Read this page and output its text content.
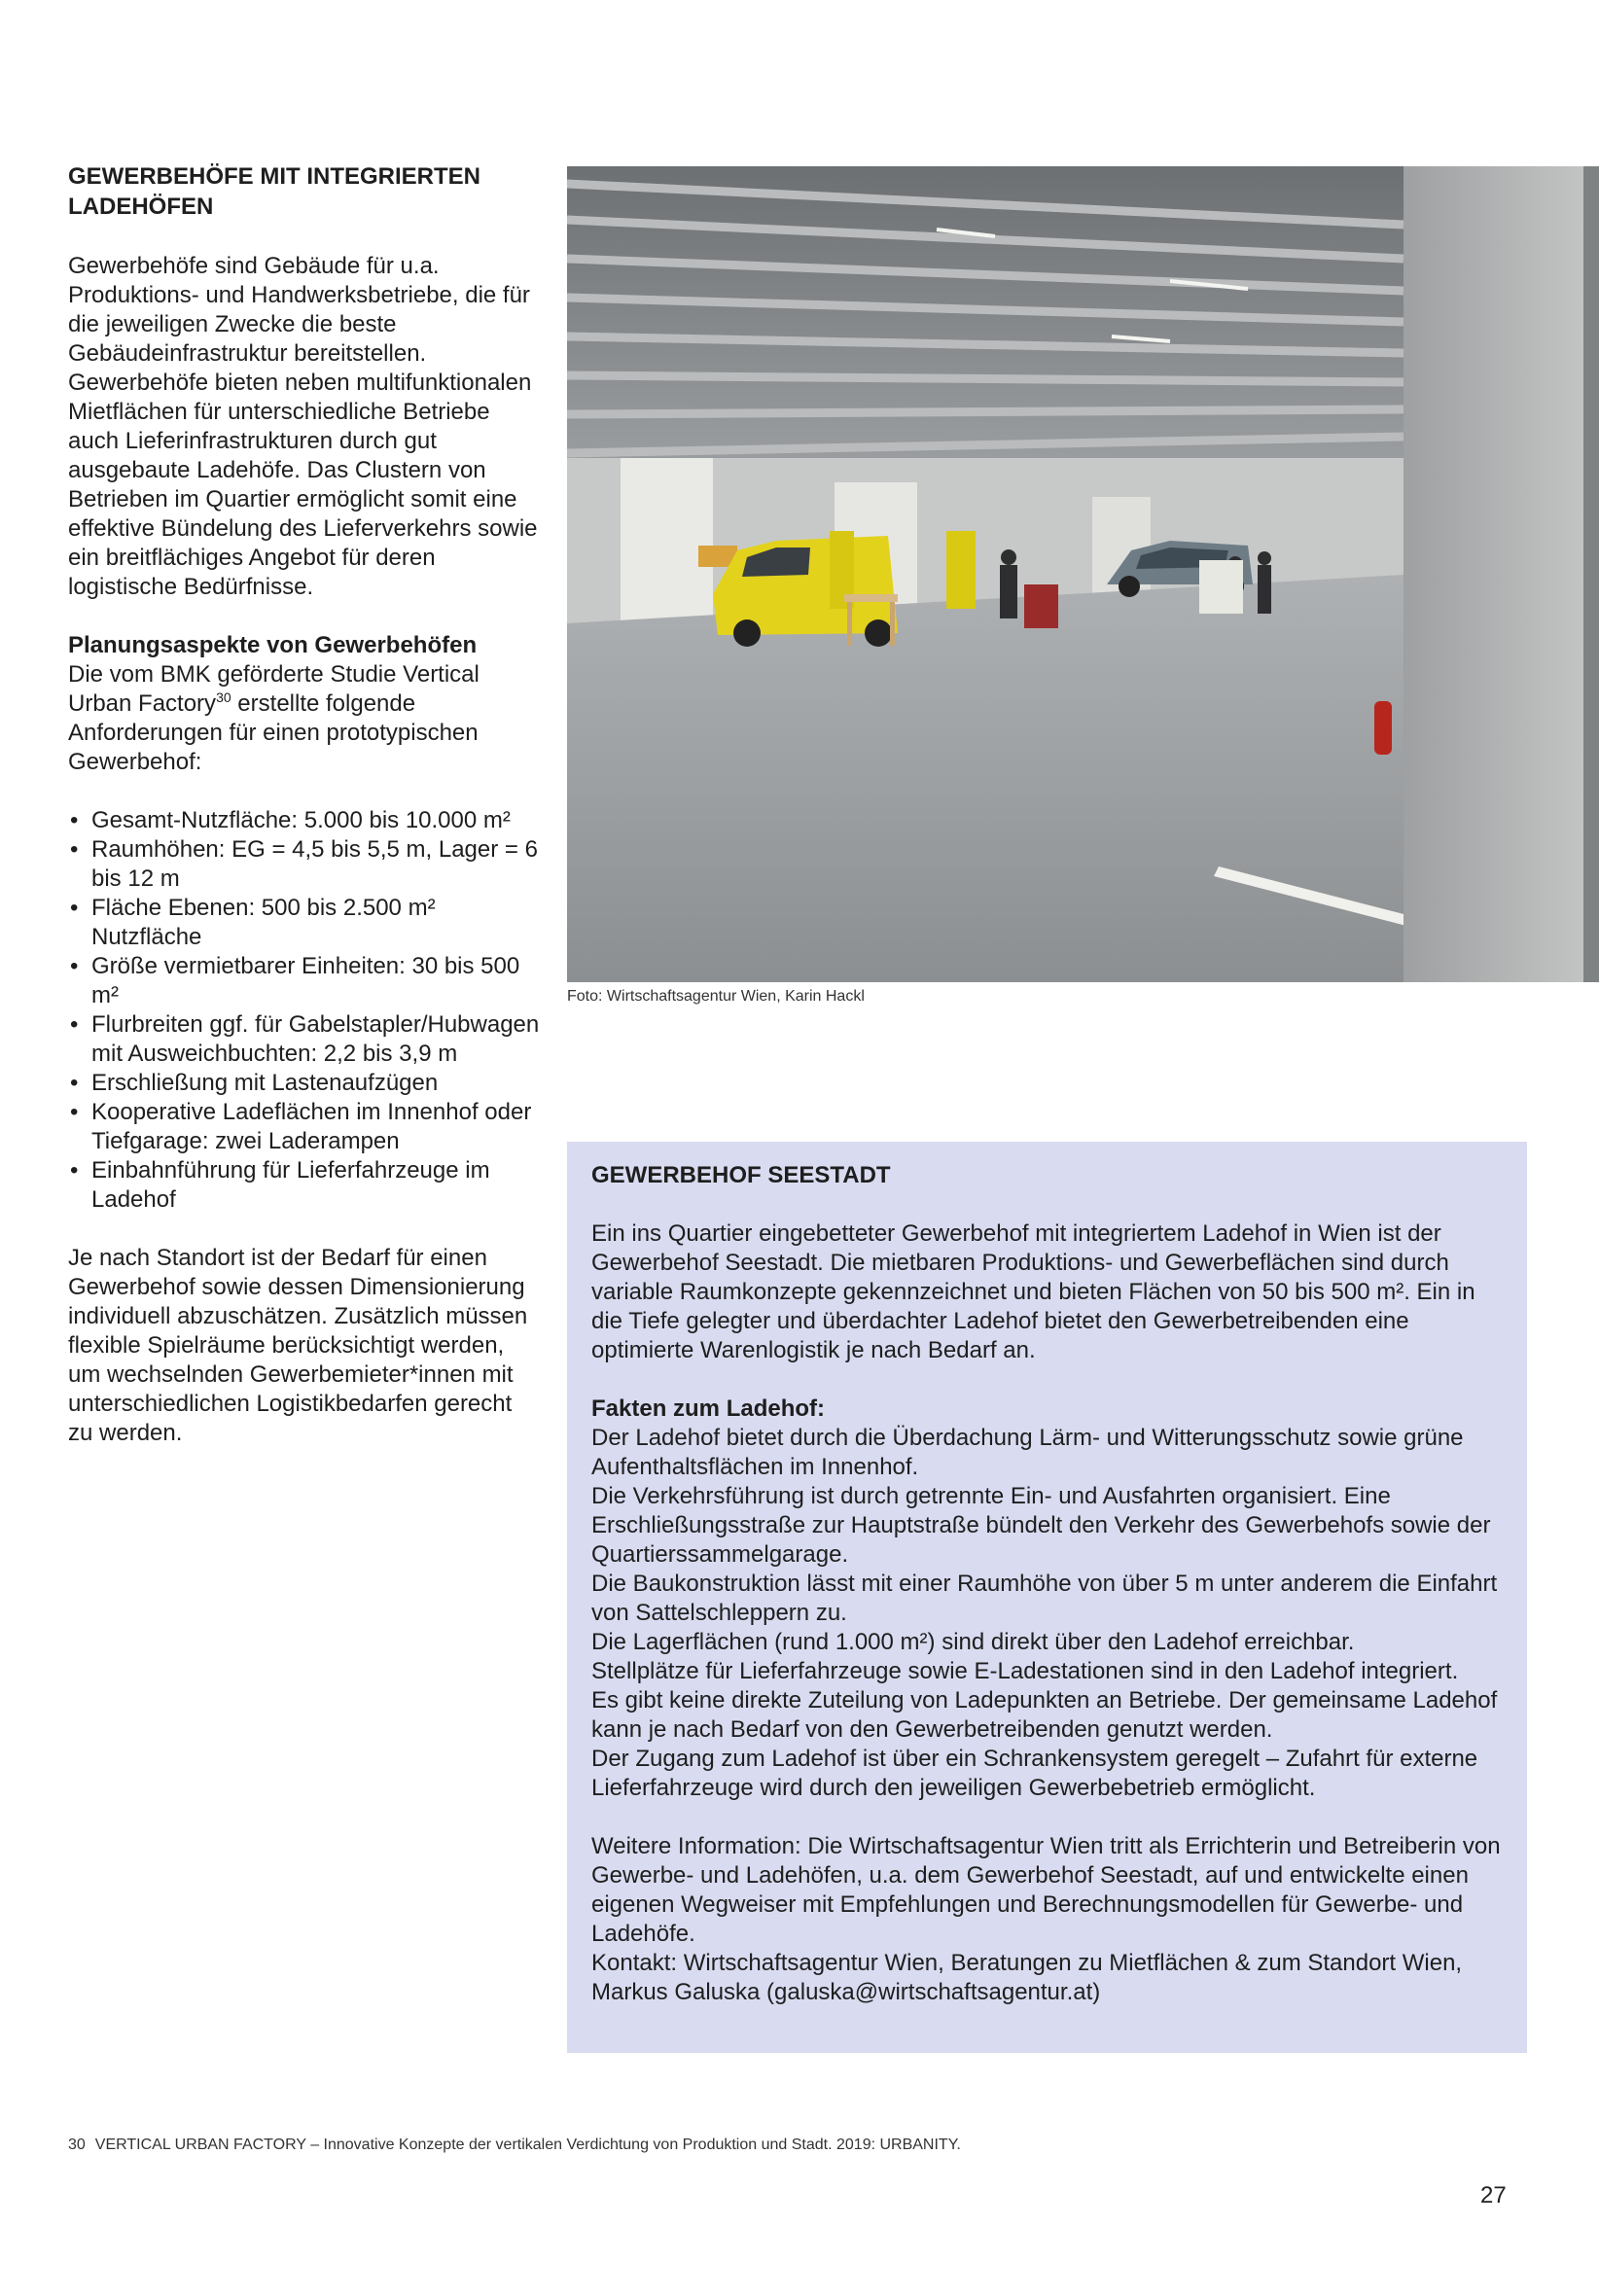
GEWERBEHÖFE MIT INTEGRIERTEN LADEHÖFEN

Gewerbehöfe sind Gebäude für u.a. Produktions- und Handwerksbetriebe, die für die jeweiligen Zwecke die beste Gebäudeinfrastruktur bereitstellen. Gewerbehöfe bieten neben multifunktionalen Mietflächen für unterschiedliche Betriebe auch Lieferinfrastrukturen durch gut ausgebaute Ladehöfe. Das Clustern von Betrieben im Quartier ermöglicht somit eine effektive Bündelung des Lieferverkehrs sowie ein breitflächiges Angebot für deren logistische Bedürfnisse.

Planungsaspekte von Gewerbehöfen

Die vom BMK geförderte Studie Vertical Urban Factory$^{30}$ erstellte folgende Anforderungen für einen prototypischen Gewerbehof:

• Gesamt-Nutzfläche: 5.000 bis 10.000 m²
• Raumhöhen: EG = 4,5 bis 5,5 m, Lager = 6 bis 12 m
• Fläche Ebenen: 500 bis 2.500 m² Nutzfläche
• Größe vermietbarer Einheiten: 30 bis 500 m²
• Flurbreiten ggf. für Gabelstapler/Hubwagen mit Ausweichbuchten: 2,2 bis 3,9 m
• Erschließung mit Lastenaufzügen
• Kooperative Ladeflächen im Innenhof oder Tiefgarage: zwei Laderampen
• Einbahnführung für Lieferfahrzeuge im Ladehof

Je nach Standort ist der Bedarf für einen Gewerbehof sowie dessen Dimensionierung individuell abzuschätzen. Zusätzlich müssen flexible Spielräume berücksichtigt werden, um wechselnden Gewerbemieter*innen mit unterschiedlichen Logistikbedarfen gerecht zu werden.

Foto: Wirtschaftsagentur Wien, Karin Hackl
GEWERBEHOF SEESTADT

Ein ins Quartier eingebetteter Gewerbehof mit integriertem Ladehof in Wien ist der Gewerbehof Seestadt. Die mietbaren Produktions- und Gewerbeflächen sind durch variable Raumkonzepte gekennzeichnet und bieten Flächen von 50 bis 500 m². Ein in die Tiefe gelegter und überdachter Ladehof bietet den Gewerbetreibenden eine optimierte Warenlogistik je nach Bedarf an.

Fakten zum Ladehof:

Der Ladehof bietet durch die Überdachung Lärm- und Witterungsschutz sowie grüne Aufenthaltsflächen im Innenhof.

Die Verkehrsführung ist durch getrennte Ein- und Ausfahrten organisiert. Eine Erschließungsstraße zur Hauptstraße bündelt den Verkehr des Gewerbehofs sowie der Quartierssammelgarage.

Die Baukonstruktion lässt mit einer Raumhöhe von über 5 m unter anderem die Einfahrt von Sattelschleppern zu.

Die Lagerflächen (rund 1.000 m²) sind direkt über den Ladehof erreichbar.

Stellplätze für Lieferfahrzeuge sowie E-Ladestationen sind in den Ladehof integriert.

Es gibt keine direkte Zuteilung von Ladepunkten an Betriebe. Der gemeinsame Ladehof kann je nach Bedarf von den Gewerbetreibenden genutzt werden.

Der Zugang zum Ladehof ist über ein Schrankensystem geregelt – Zufahrt für externe Lieferfahrzeuge wird durch den jeweiligen Gewerbebetrieb ermöglicht.

Weitere Information: Die Wirtschaftsagentur Wien tritt als Errichterin und Betreiberin von Gewerbe- und Ladehöfen, u.a. dem Gewerbehof Seestadt, auf und entwickelte einen eigenen Wegweiser mit Empfehlungen und Berechnungsmodellen für Gewerbe- und Ladehöfe.

Kontakt: Wirtschaftsagentur Wien, Beratungen zu Mietflächen & zum Standort Wien, Markus Galuska (galuska@wirtschaftsagentur.at)

30 VERTICAL URBAN FACTORY – Innovative Konzepte der vertikalen Verdichtung von Produktion und Stadt. 2019: URBANITY.
27
